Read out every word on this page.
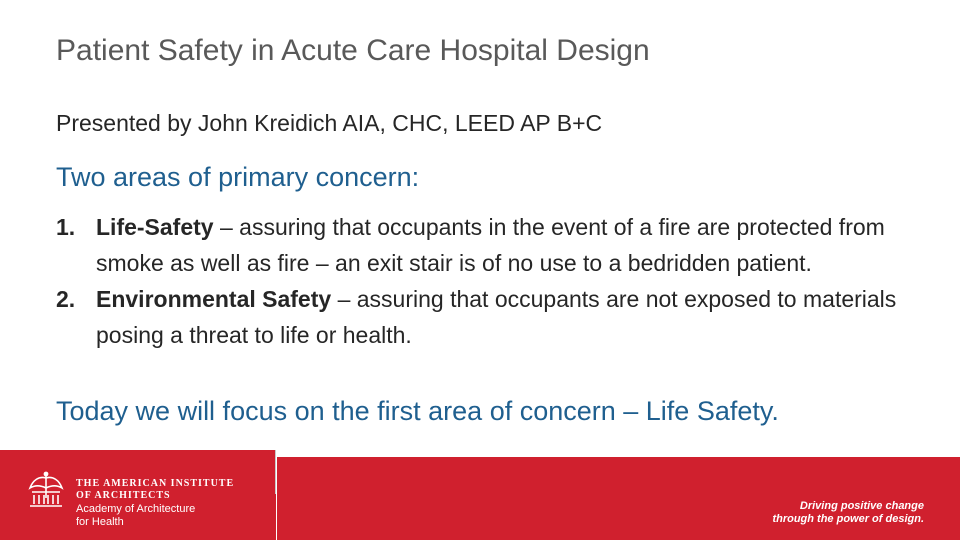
Patient Safety in Acute Care Hospital Design

Presented by John Kreidich AIA, CHC, LEED AP B+C

Two areas of primary concern:

1. Life-Safety – assuring that occupants in the event of a fire are protected from smoke as well as fire – an exit stair is of no use to a bedridden patient.
2. Environmental Safety – assuring that occupants are not exposed to materials posing a threat to life or health.

Today we will focus on the first area of concern – Life Safety.

THE AMERICAN INSTITUTE
OF ARCHITECTS
Academy of Architecture
for Health
Driving positive change
through the power of design.
